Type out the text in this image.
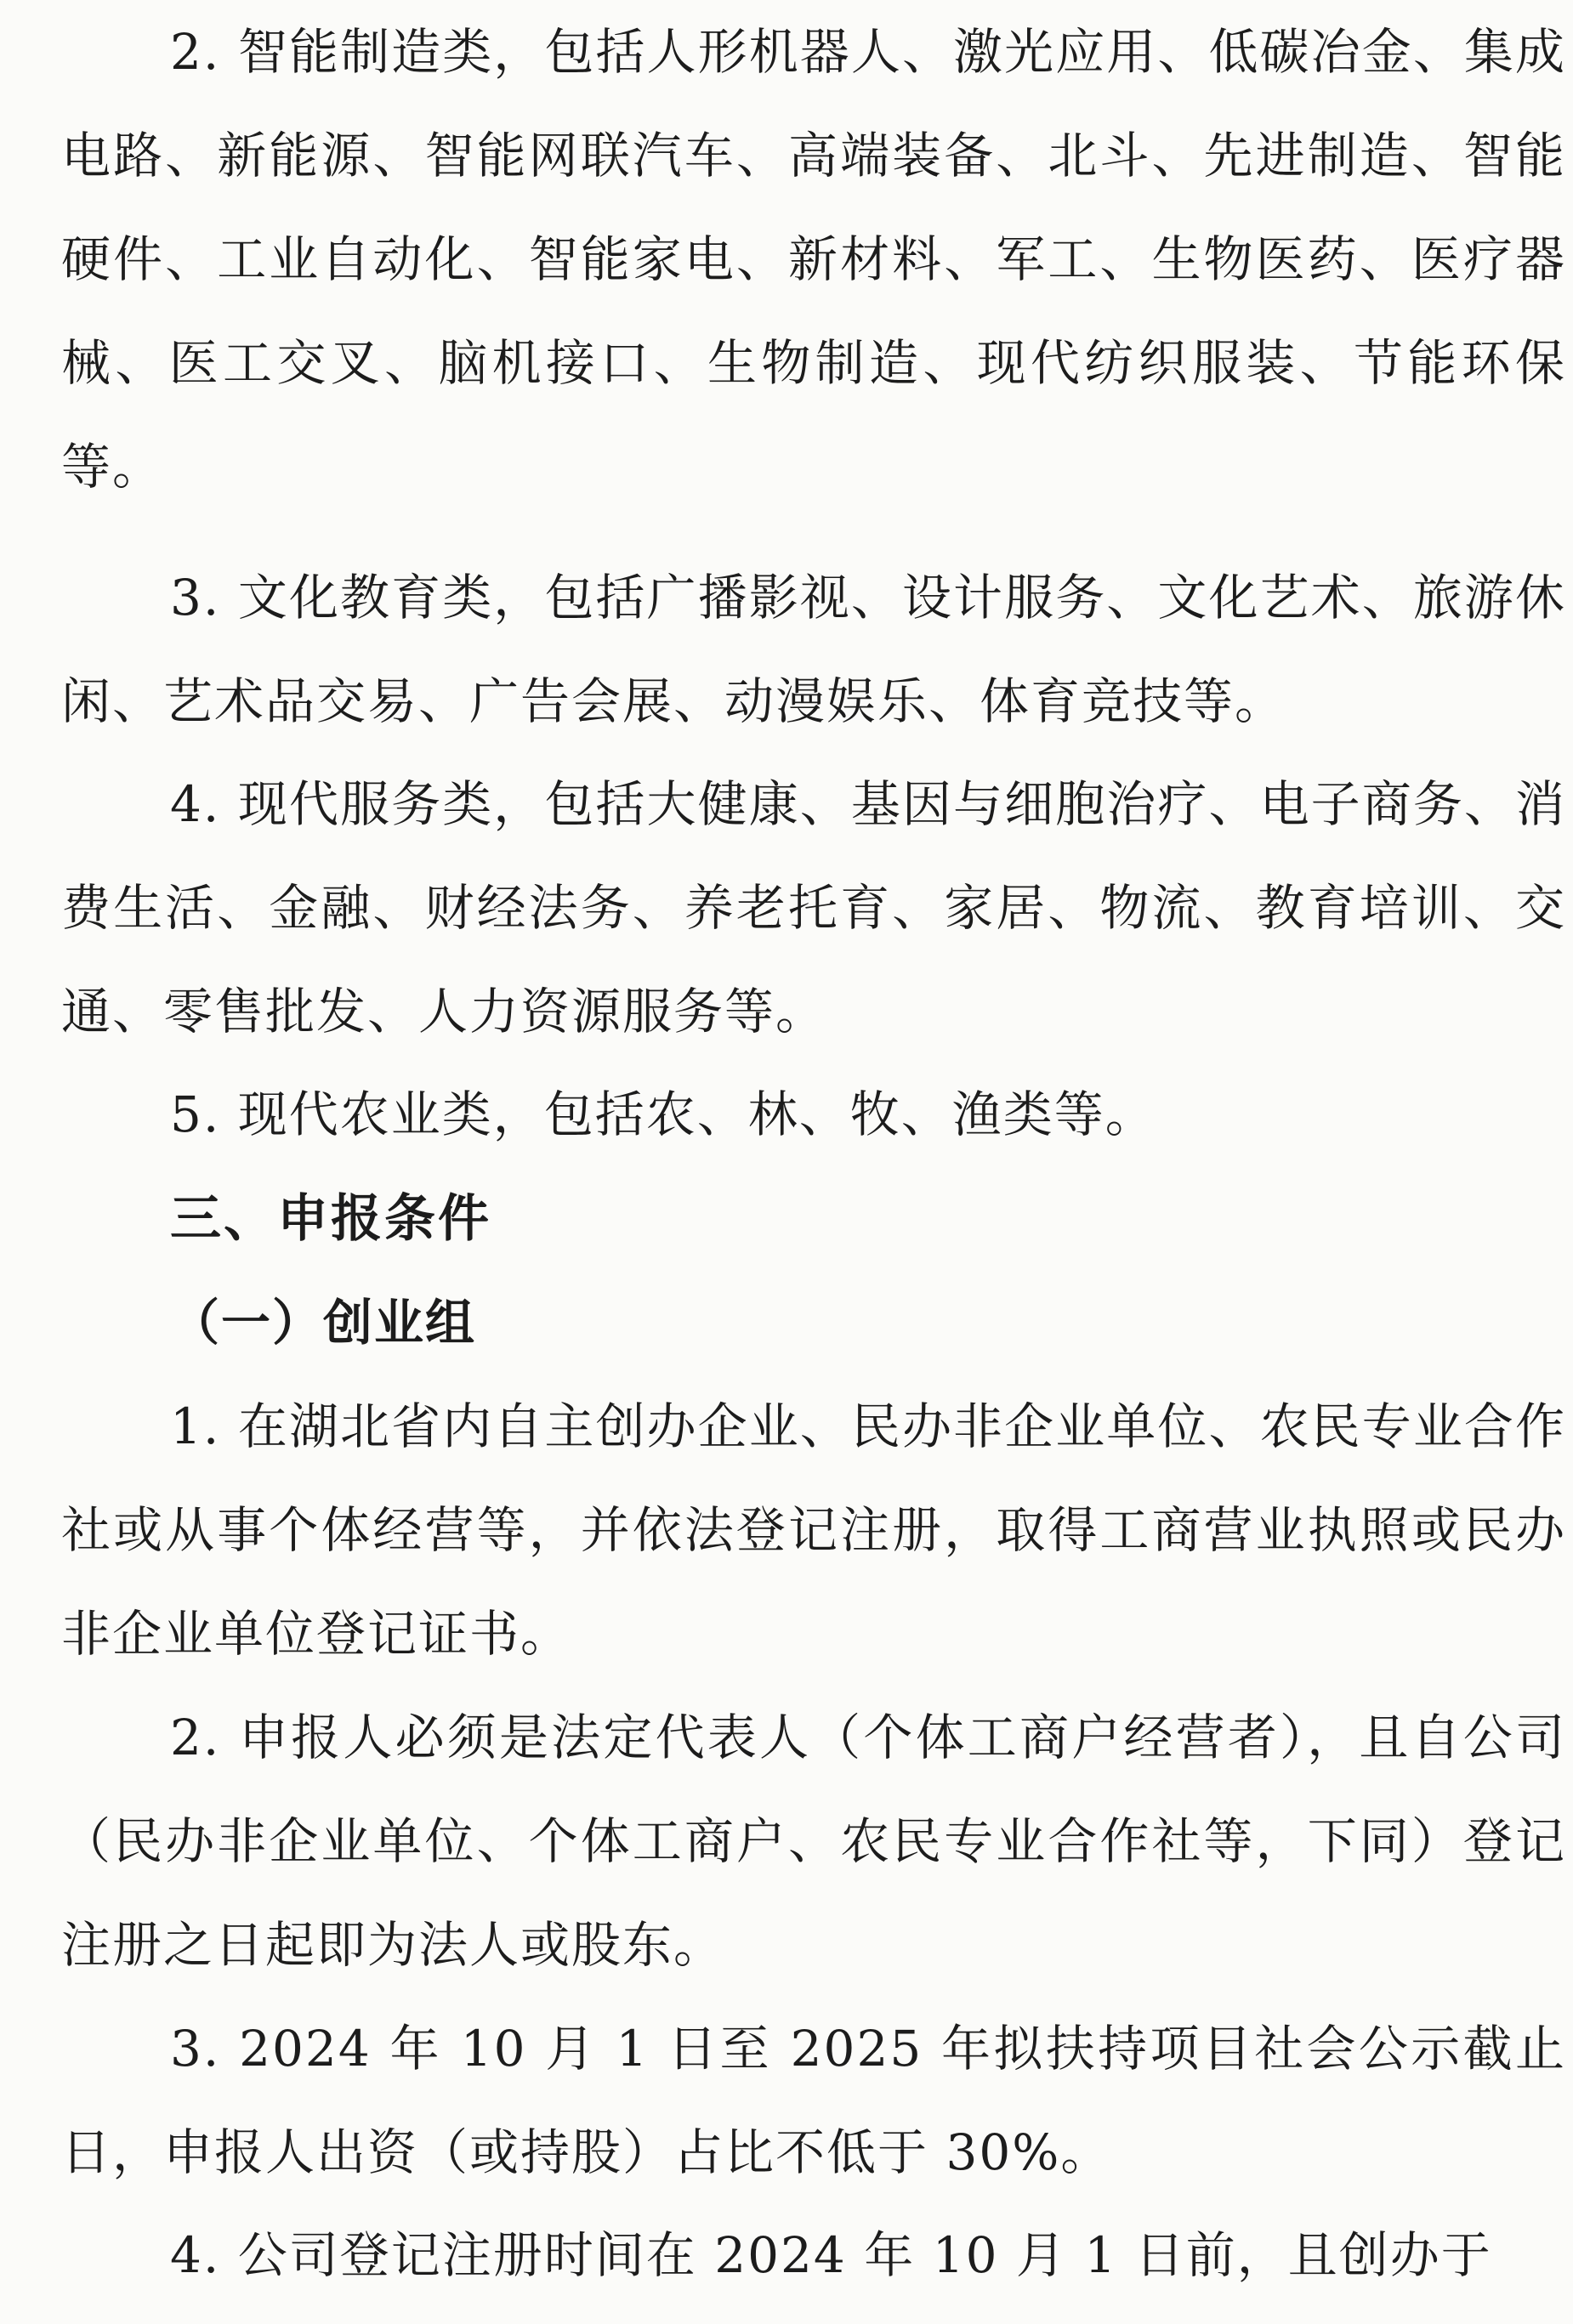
2. 智能制造类，包括人形机器人、激光应用、低碳冶金、集成电路、新能源、智能网联汽车、高端装备、北斗、先进制造、智能硬件、工业自动化、智能家电、新材料、军工、生物医药、医疗器械、医工交叉、脑机接口、生物制造、现代纺织服装、节能环保等。

3. 文化教育类，包括广播影视、设计服务、文化艺术、旅游休闲、艺术品交易、广告会展、动漫娱乐、体育竞技等。

4. 现代服务类，包括大健康、基因与细胞治疗、电子商务、消费生活、金融、财经法务、养老托育、家居、物流、教育培训、交通、零售批发、人力资源服务等。

5. 现代农业类，包括农、林、牧、渔类等。

三、申报条件
（一）创业组

1. 在湖北省内自主创办企业、民办非企业单位、农民专业合作社或从事个体经营等，并依法登记注册，取得工商营业执照或民办非企业单位登记证书。

2. 申报人必须是法定代表人（个体工商户经营者），且自公司（民办非企业单位、个体工商户、农民专业合作社等，下同）登记注册之日起即为法人或股东。

3. 2024 年 10 月 1 日至 2025 年拟扶持项目社会公示截止日，申报人出资（或持股）占比不低于 30%。

4. 公司登记注册时间在 2024 年 10 月 1 日前，且创办于
